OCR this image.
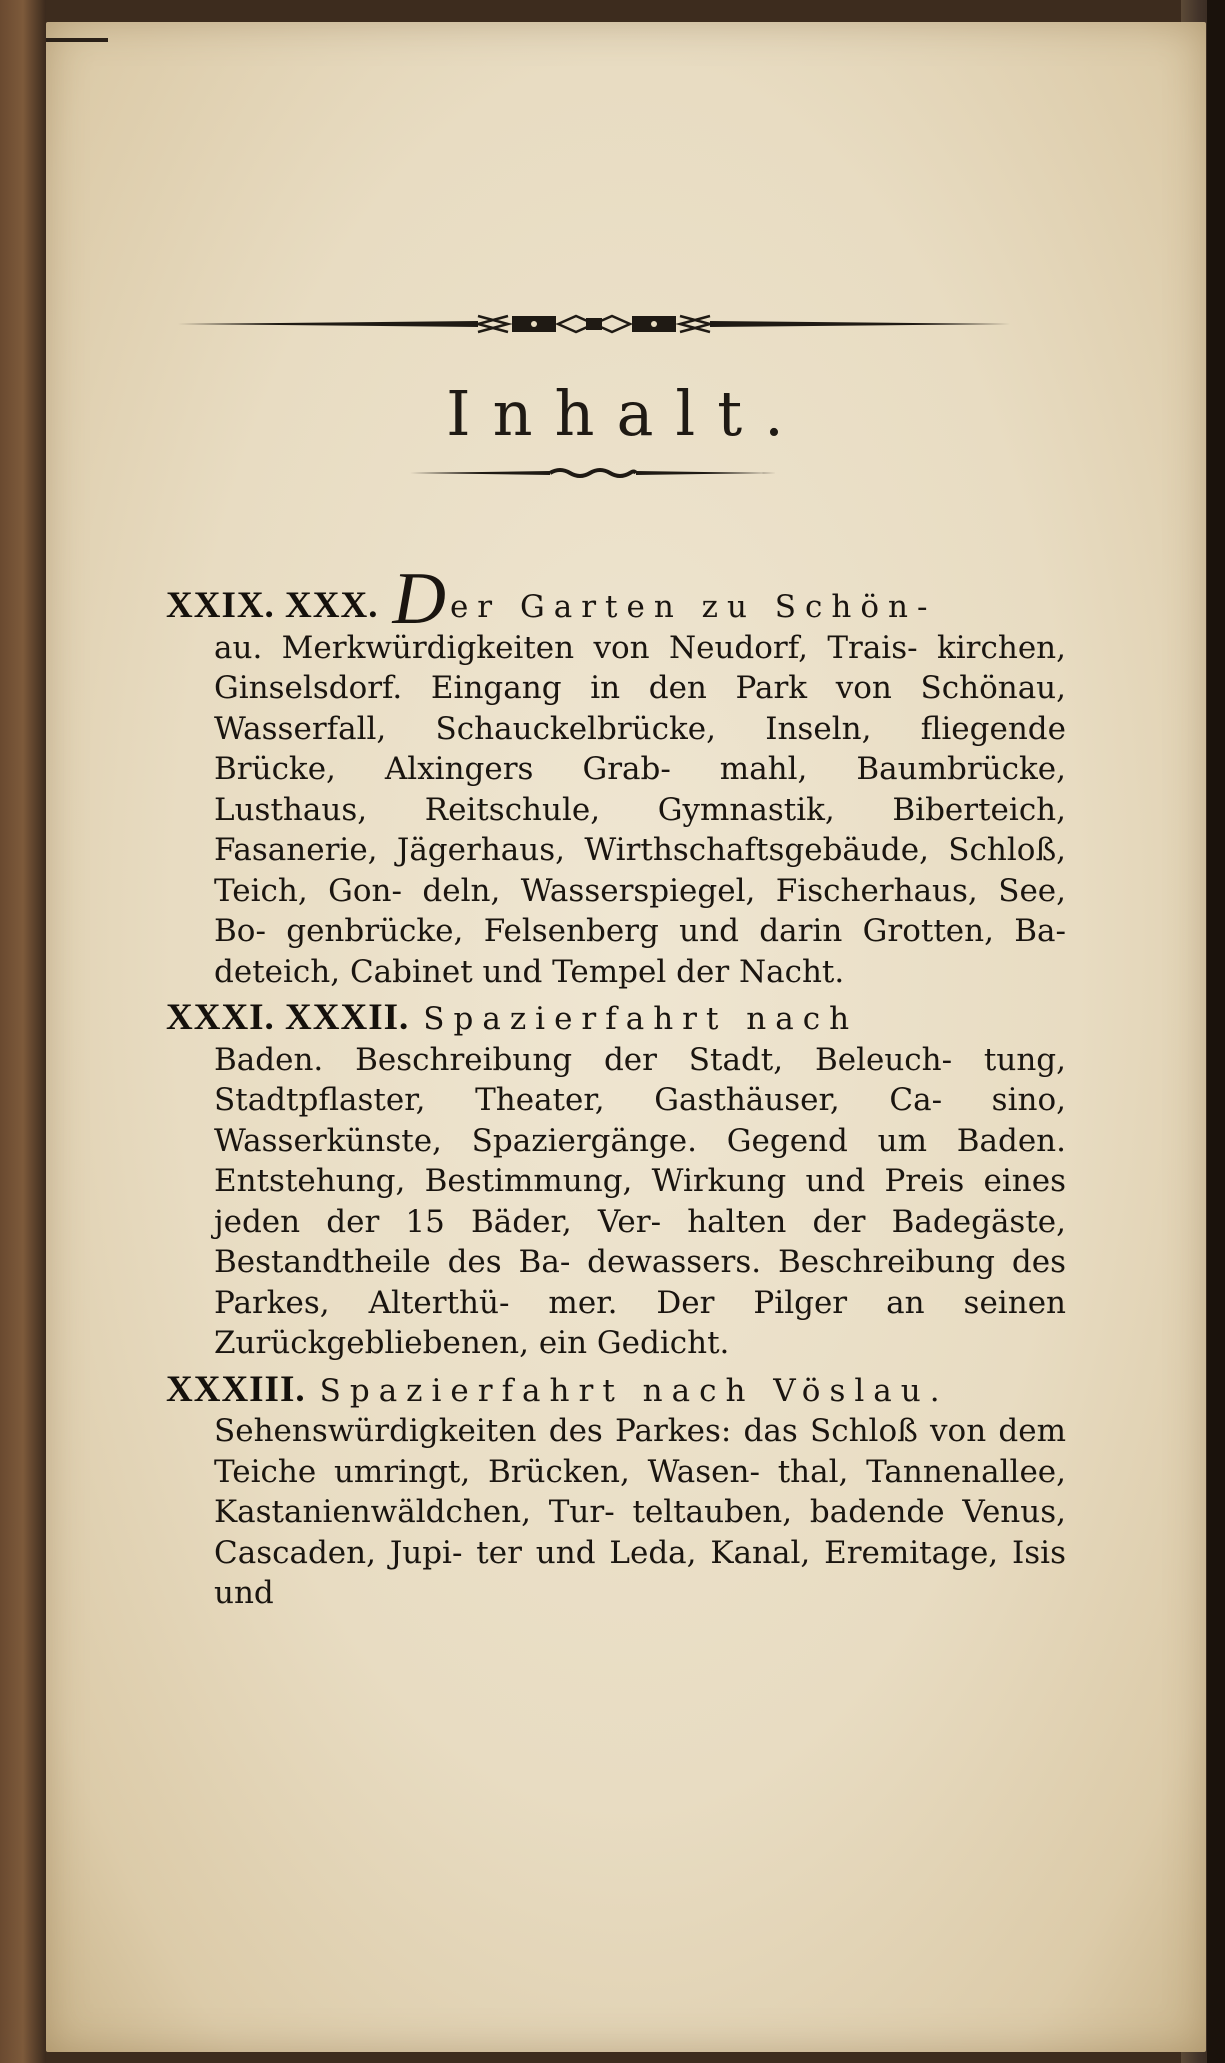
Inhalt.
XXIX. XXX. D er Garten zu Schön-
au. Merkwürdigkeiten von Neudorf, Trais- kirchen, Ginselsdorf. Eingang in den Park von Schönau, Wasserfall, Schauckelbrücke, Inseln, fliegende Brücke, Alxingers Grab- mahl, Baumbrücke, Lusthaus, Reitschule, Gymnastik, Biberteich, Fasanerie, Jägerhaus, Wirthschaftsgebäude, Schloß, Teich, Gon- deln, Wasserspiegel, Fischerhaus, See, Bo- genbrücke, Felsenberg und darin Grotten, Ba- deteich, Cabinet und Tempel der Nacht.
XXXI. XXXII. Spazierfahrt nach
Baden. Beschreibung der Stadt, Beleuch- tung, Stadtpflaster, Theater, Gasthäuser, Ca- sino, Wasserkünste, Spaziergänge. Gegend um Baden. Entstehung, Bestimmung, Wirkung und Preis eines jeden der 15 Bäder, Ver- halten der Badegäste, Bestandtheile des Ba- dewassers. Beschreibung des Parkes, Alterthü- mer. Der Pilger an seinen Zurückgebliebenen, ein Gedicht.
XXXIII. Spazierfahrt nach Vöslau.
Sehenswürdigkeiten des Parkes: das Schloß von dem Teiche umringt, Brücken, Wasen- thal, Tannenallee, Kastanienwäldchen, Tur- teltauben, badende Venus, Cascaden, Jupi- ter und Leda, Kanal, Eremitage, Isis und
